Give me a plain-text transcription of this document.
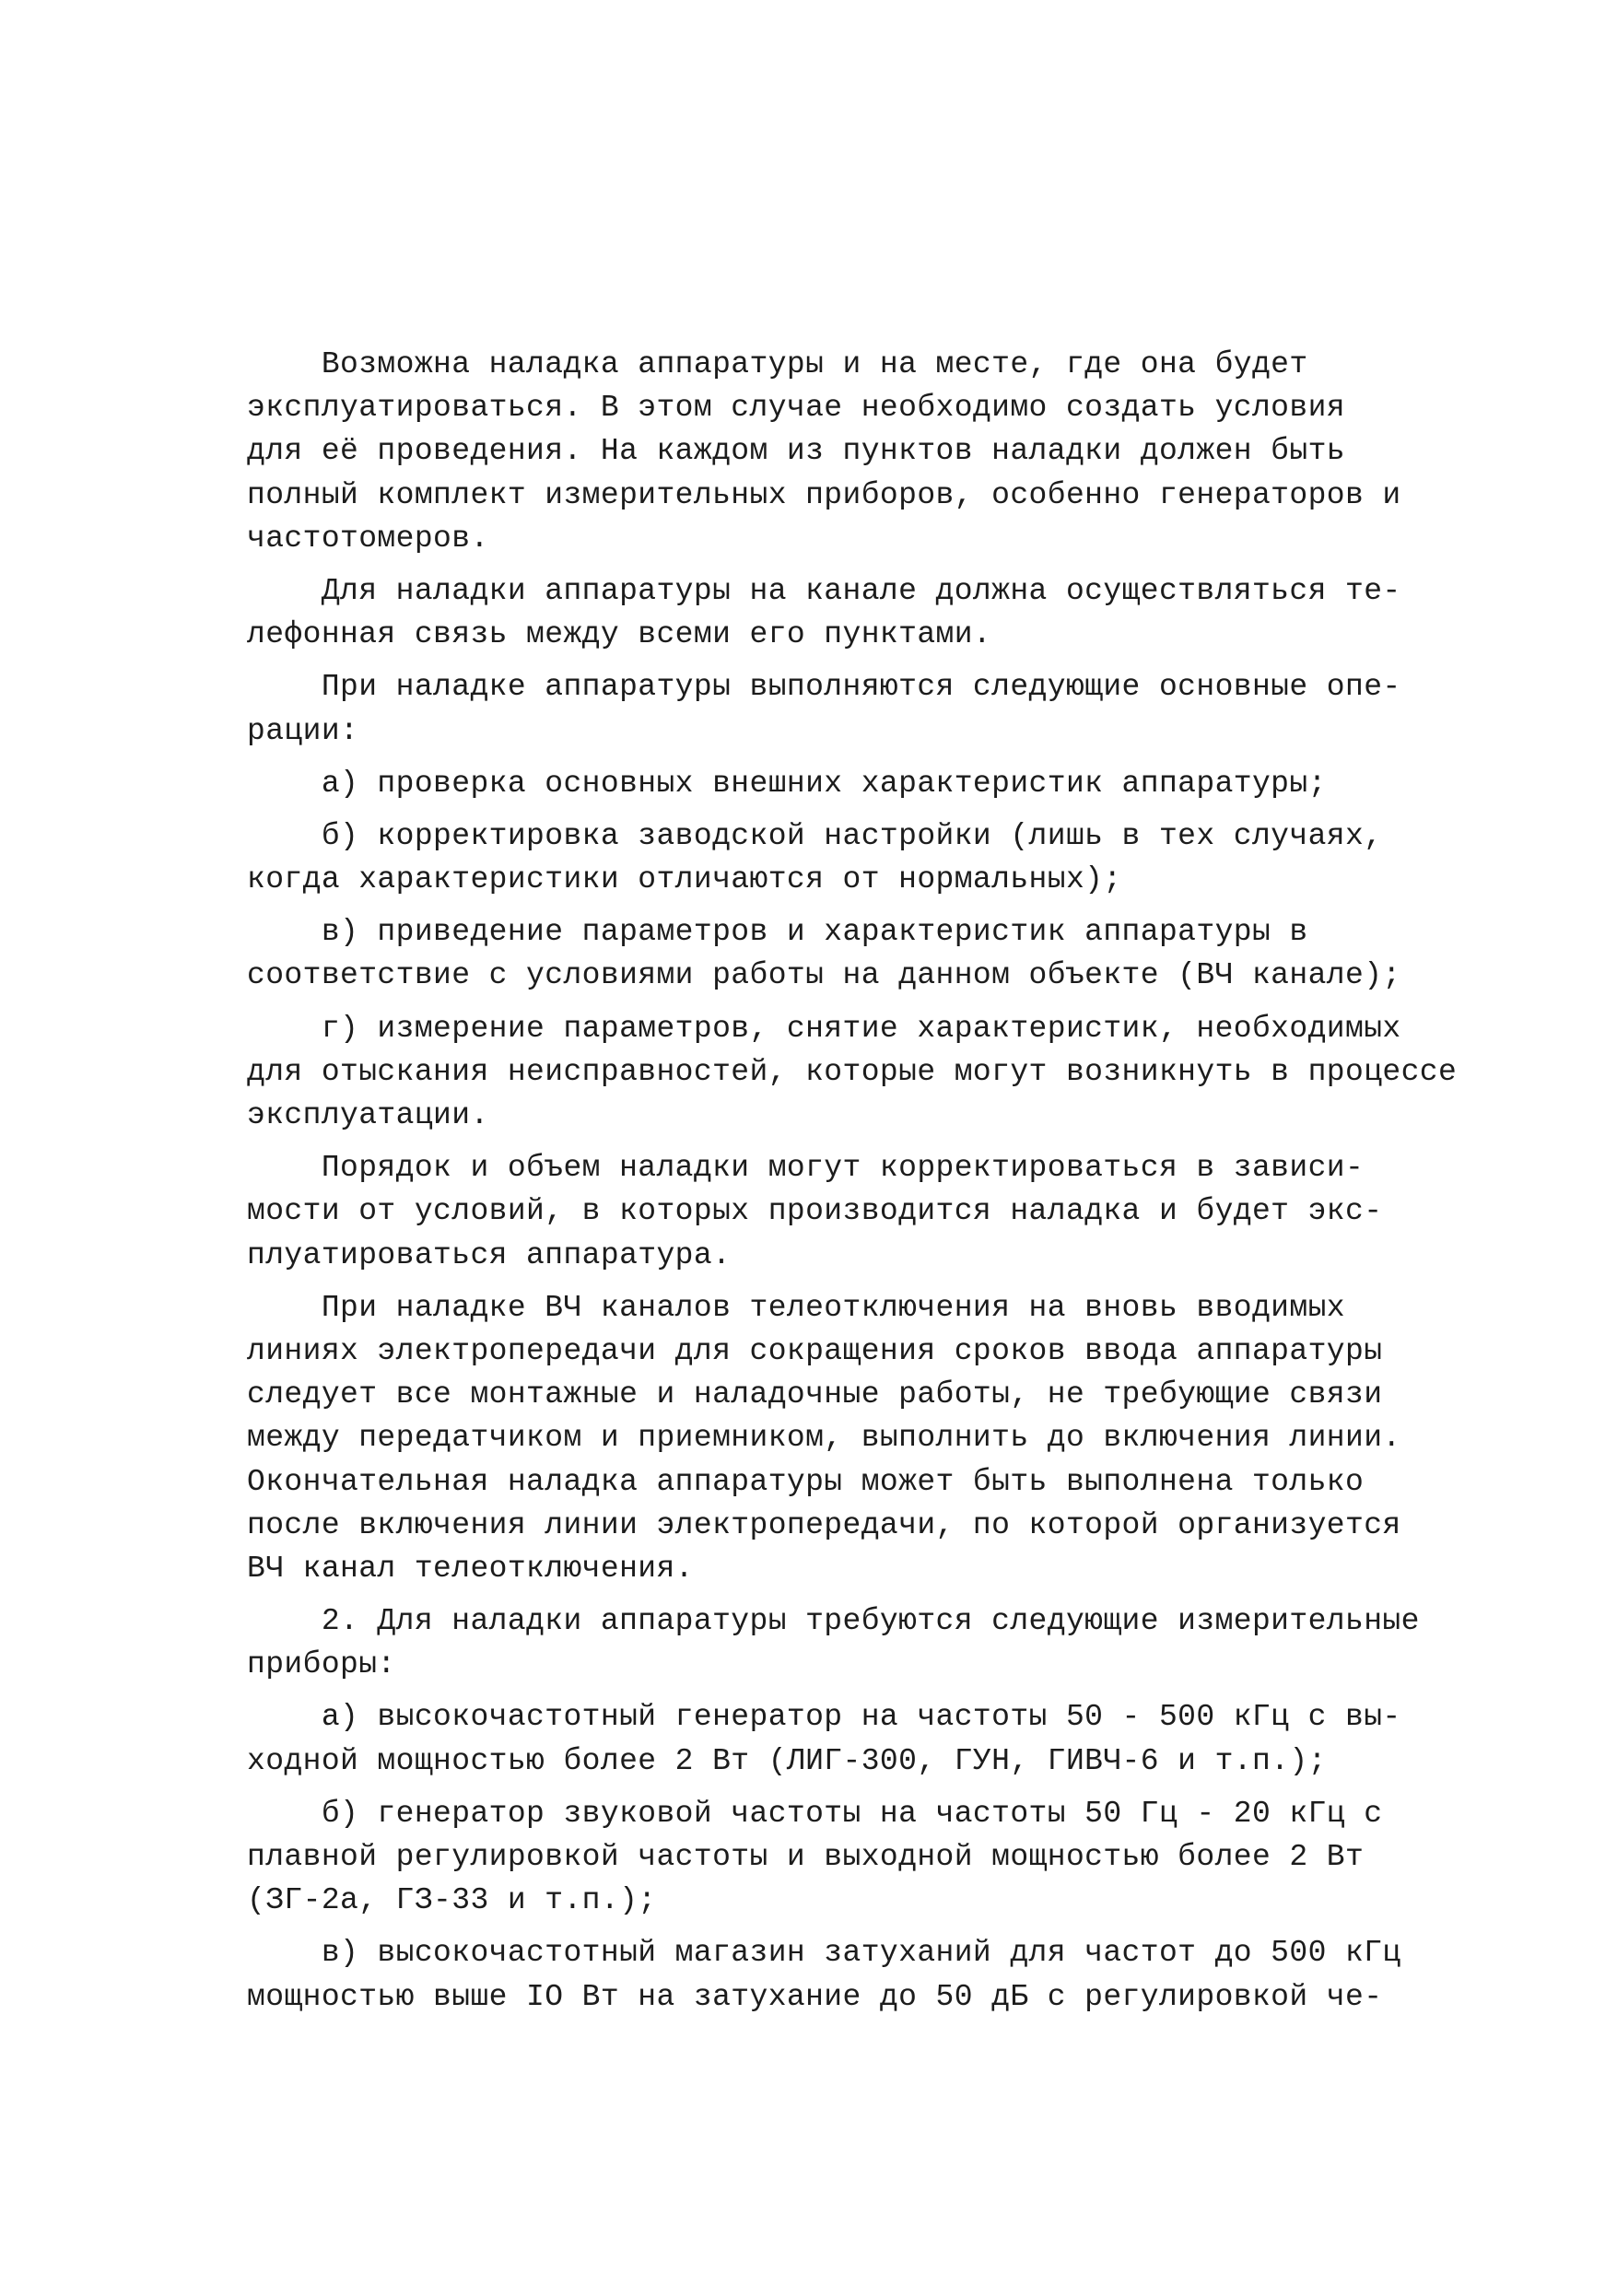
Возможна наладка аппаратуры и на месте, где она будет
эксплуатироваться. В этом случае необходимо создать условия
для её проведения. На каждом из пунктов наладки должен быть
полный комплект измерительных приборов, особенно генераторов и
частотомеров.
Для наладки аппаратуры на канале должна осуществляться те-
лефонная связь между всеми его пунктами.
При наладке аппаратуры выполняются следующие основные опе-
рации:
а) проверка основных внешних характеристик аппаратуры;
б) корректировка заводской настройки (лишь в тех случаях,
когда характеристики отличаются от нормальных);
в) приведение параметров и характеристик аппаратуры в
соответствие с условиями работы на данном объекте (ВЧ канале);
г) измерение параметров, снятие характеристик, необходимых
для отыскания неисправностей, которые могут возникнуть в процессе
эксплуатации.
Порядок и объем наладки могут корректироваться в зависи-
мости от условий, в которых производится наладка и будет экс-
плуатироваться аппаратура.
При наладке ВЧ каналов телеотключения на вновь вводимых
линиях электропередачи для сокращения сроков ввода аппаратуры
следует все монтажные и наладочные работы, не требующие связи
между передатчиком и приемником, выполнить до включения линии.
Окончательная наладка аппаратуры может быть выполнена только
после включения линии электропередачи, по которой организуется
ВЧ канал телеотключения.
2. Для наладки аппаратуры требуются следующие измерительные
приборы:
а) высокочастотный генератор на частоты 50 - 500 кГц с вы-
ходной мощностью более 2 Вт (ЛИГ-300, ГУН, ГИВЧ-6 и т.п.);
б) генератор звуковой частоты на частоты 50 Гц - 20 кГц с
плавной регулировкой частоты и выходной мощностью более 2 Вт
(ЗГ-2а, ГЗ-33 и т.п.);
в) высокочастотный магазин затуханий для частот до 500 кГц
мощностью выше IO Вт на затухание до 50 дБ с регулировкой че-
